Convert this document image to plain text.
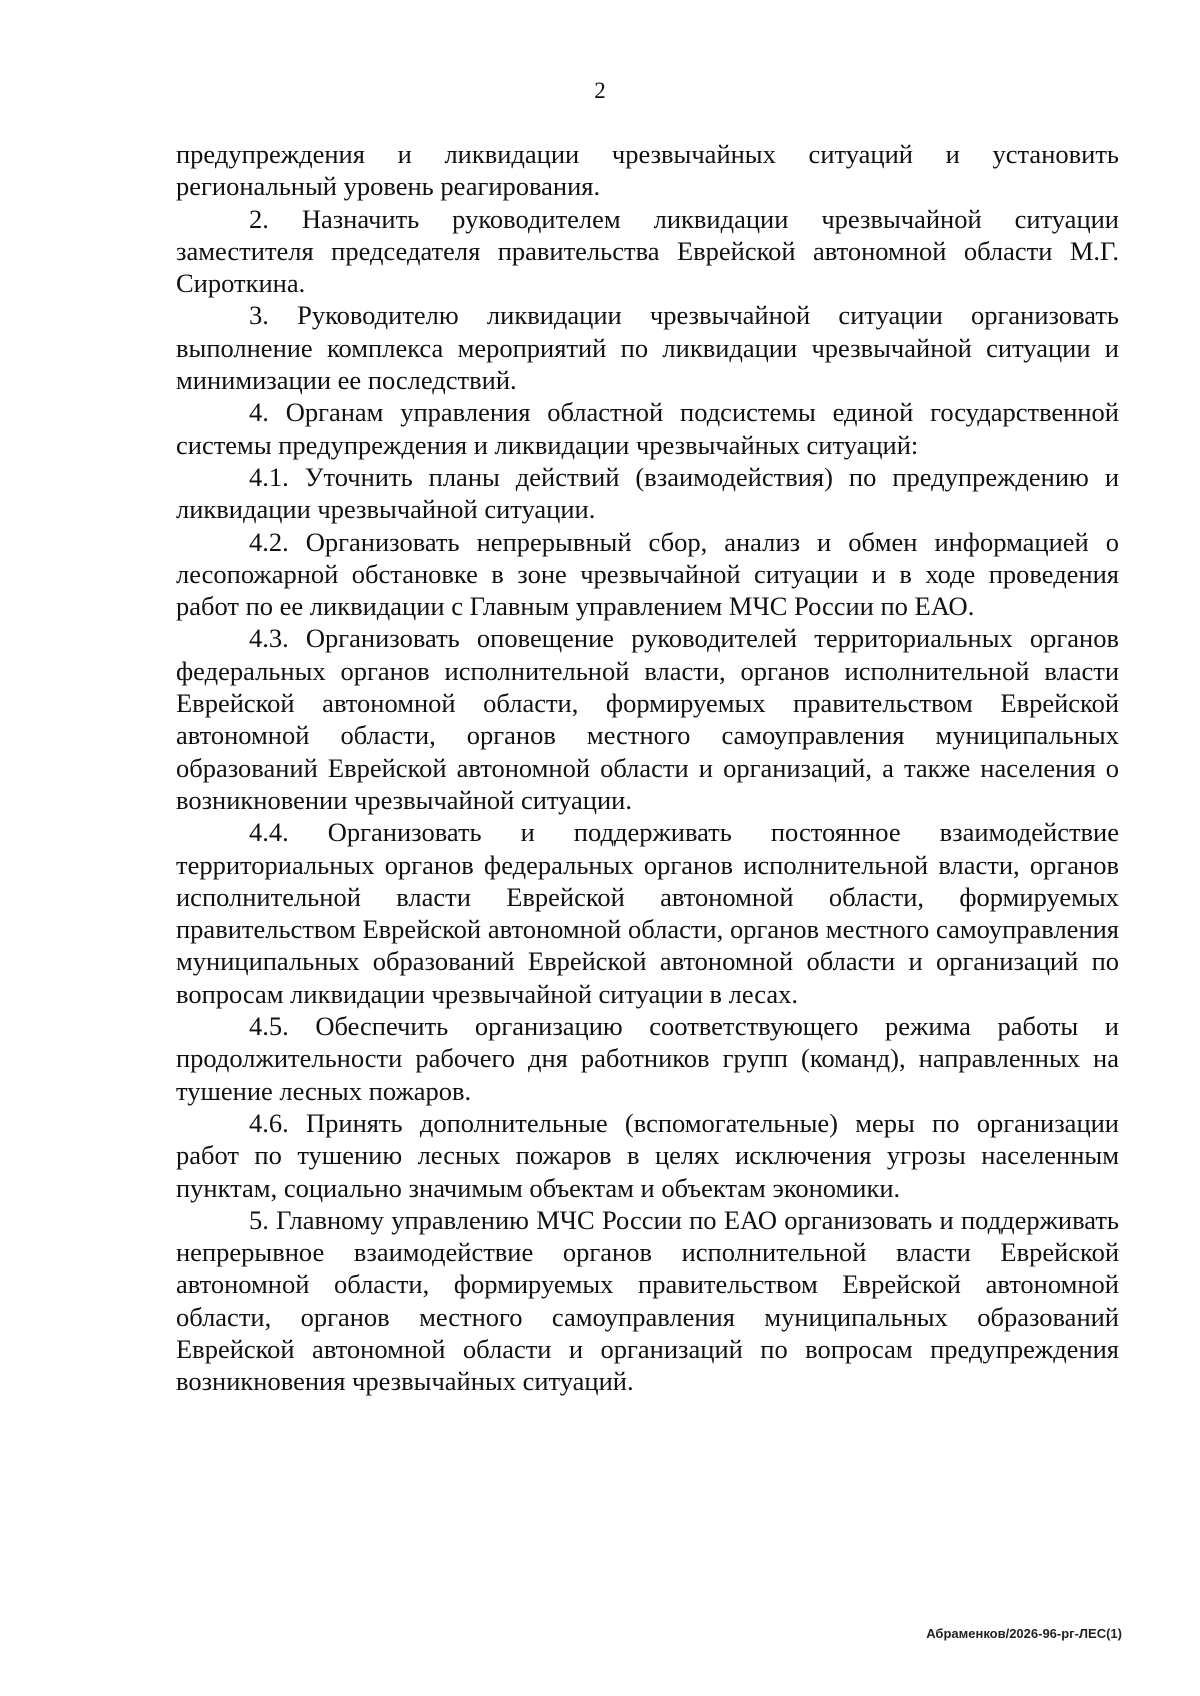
2

предупреждения и ликвидации чрезвычайных ситуаций и установить региональный уровень реагирования.

2. Назначить руководителем ликвидации чрезвычайной ситуации заместителя председателя правительства Еврейской автономной области М.Г. Сироткина.

3. Руководителю ликвидации чрезвычайной ситуации организовать выполнение комплекса мероприятий по ликвидации чрезвычайной ситуации и минимизации ее последствий.

4. Органам управления областной подсистемы единой государственной системы предупреждения и ликвидации чрезвычайных ситуаций:

4.1. Уточнить планы действий (взаимодействия) по предупреждению и ликвидации чрезвычайной ситуации.

4.2. Организовать непрерывный сбор, анализ и обмен информацией о лесопожарной обстановке в зоне чрезвычайной ситуации и в ходе проведения работ по ее ликвидации с Главным управлением МЧС России по ЕАО.

4.3. Организовать оповещение руководителей территориальных органов федеральных органов исполнительной власти, органов исполнительной власти Еврейской автономной области, формируемых правительством Еврейской автономной области, органов местного самоуправления муниципальных образований Еврейской автономной области и организаций, а также населения о возникновении чрезвычайной ситуации.

4.4. Организовать и поддерживать постоянное взаимодействие территориальных органов федеральных органов исполнительной власти, органов исполнительной власти Еврейской автономной области, формируемых правительством Еврейской автономной области, органов местного самоуправления муниципальных образований Еврейской автономной области и организаций по вопросам ликвидации чрезвычайной ситуации в лесах.

4.5. Обеспечить организацию соответствующего режима работы и продолжительности рабочего дня работников групп (команд), направленных на тушение лесных пожаров.

4.6. Принять дополнительные (вспомогательные) меры по организации работ по тушению лесных пожаров в целях исключения угрозы населенным пунктам, социально значимым объектам и объектам экономики.

5. Главному управлению МЧС России по ЕАО организовать и поддерживать непрерывное взаимодействие органов исполнительной власти Еврейской автономной области, формируемых правительством Еврейской автономной области, органов местного самоуправления муниципальных образований Еврейской автономной области и организаций по вопросам предупреждения возникновения чрезвычайных ситуаций.

Абраменков/2026-96-рг-ЛЕС(1)
